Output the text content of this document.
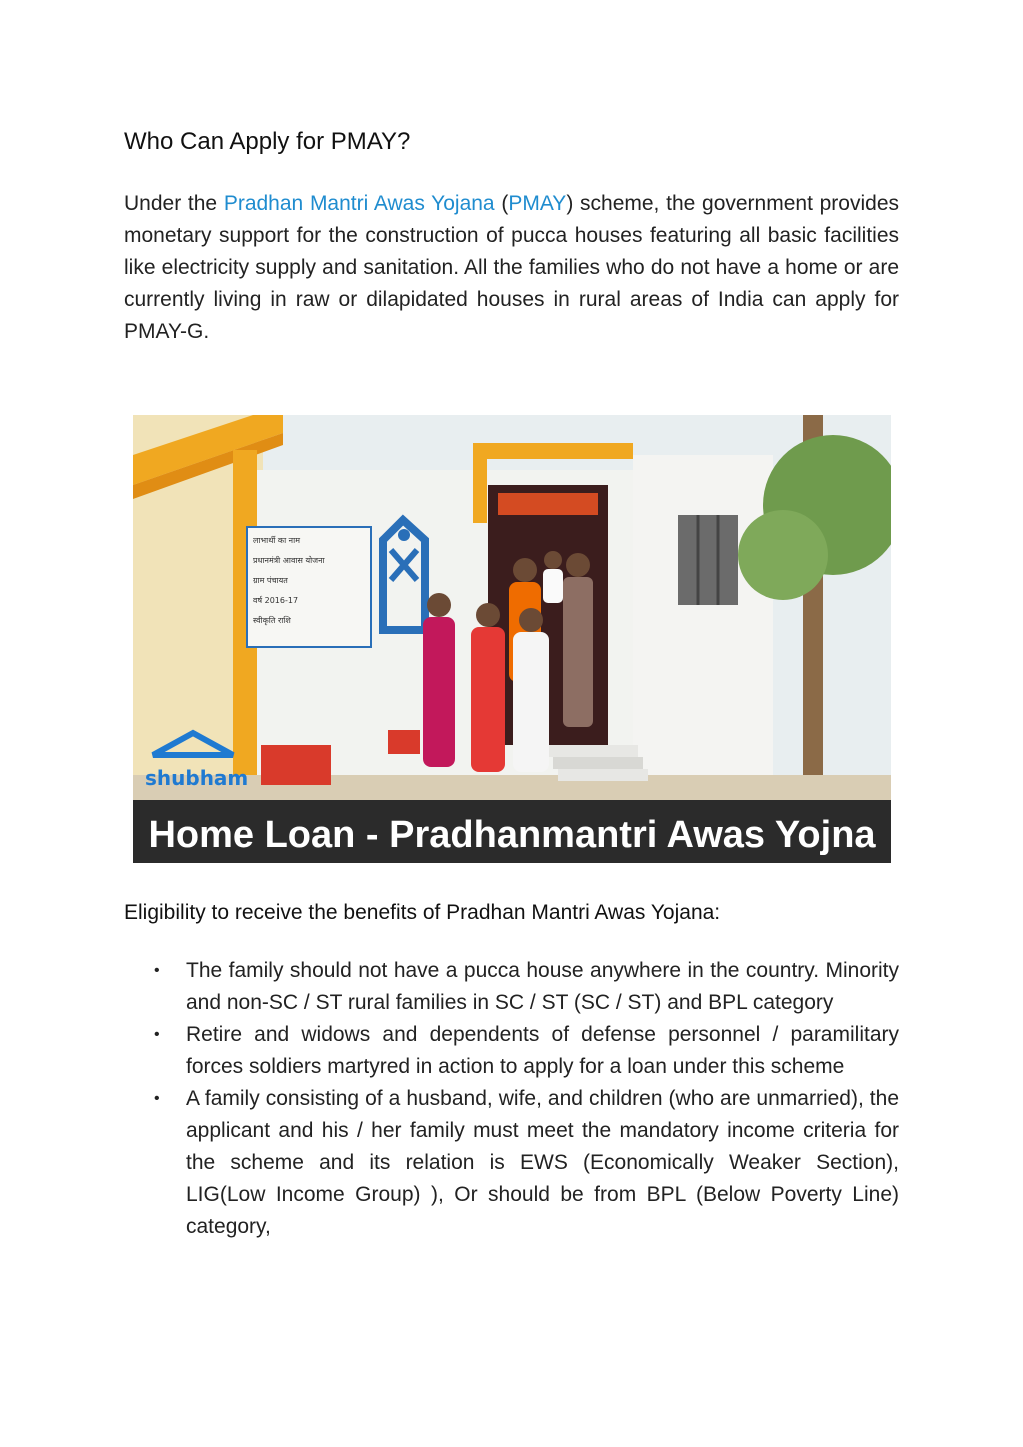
Who Can Apply for PMAY?

Under the Pradhan Mantri Awas Yojana (PMAY) scheme, the government provides monetary support for the construction of pucca houses featuring all basic facilities like electricity supply and sanitation. All the families who do not have a home or are currently living in raw or dilapidated houses in rural areas of India can apply for PMAY-G.

लाभार्थी का नाम
प्रधानमंत्री आवास योजना
ग्राम पंचायत
वर्ष 2016-17
स्वीकृति राशि
shubham
Home Loan - Pradhanmantri Awas Yojna
Eligibility to receive the benefits of Pradhan Mantri Awas Yojana:
• The family should not have a pucca house anywhere in the country. Minority and non-SC / ST rural families in SC / ST (SC / ST) and BPL category
• Retire and widows and dependents of defense personnel / paramilitary forces soldiers martyred in action to apply for a loan under this scheme
• A family consisting of a husband, wife, and children (who are unmarried), the applicant and his / her family must meet the mandatory income criteria for the scheme and its relation is EWS (Economically Weaker Section), LIG(Low Income Group) ), Or should be from BPL (Below Poverty Line) category,
